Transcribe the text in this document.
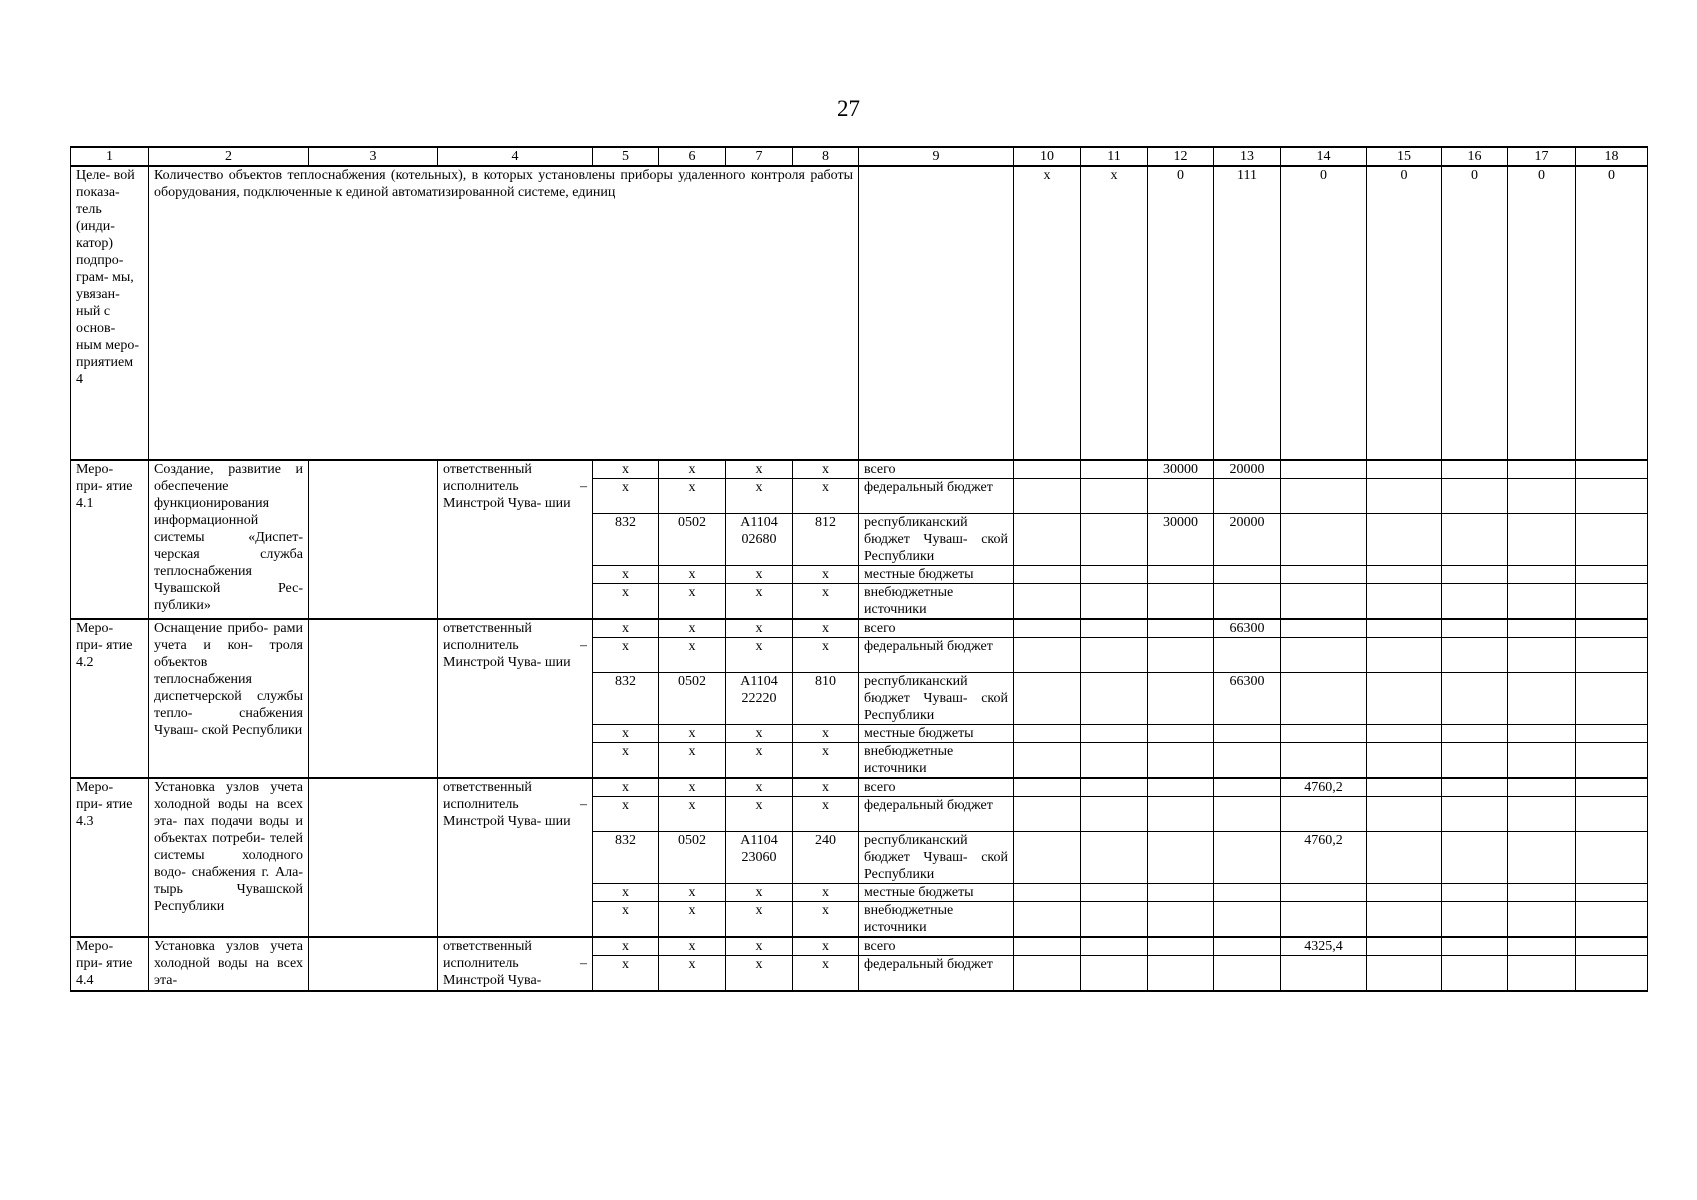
27
1	2	3	4	5	6	7	8	9	10	11	12	13	14	15	16	17	18
Целе- вой показа- тель (инди- катор) подпро- грам- мы, увязан- ный с основ- ным меро- приятием 4	Количество объектов теплоснабжения (котельных), в которых установлены приборы удаленного контроля работы оборудования, подключенные к единой автоматизированной системе, единиц								х	х	0	111	0	0	0	0	0
Меро- при- ятие 4.1	Создание, развитие и обеспечение функционирования информационной системы «Диспет- черская служба теплоснабжения Чувашской Рес- публики»		ответственный исполнитель – Минстрой Чува- шии	х	х	х	х	всего			30000	20000					
				х	х	х	х	федеральный бюджет									
				832	0502	А1104 02680	812	республиканский бюджет Чуваш- ской Республики			30000	20000					
				х	х	х	х	местные бюджеты									
				х	х	х	х	внебюджетные источники									
Меро- при- ятие 4.2	Оснащение прибо- рами учета и кон- троля объектов теплоснабжения диспетчерской службы тепло- снабжения Чуваш- ской Республики		ответственный исполнитель – Минстрой Чува- шии	х	х	х	х	всего				66300					
				х	х	х	х	федеральный бюджет									
				832	0502	А1104 22220	810	республиканский бюджет Чуваш- ской Республики				66300					
				х	х	х	х	местные бюджеты									
				х	х	х	х	внебюджетные источники									
Меро- при- ятие 4.3	Установка узлов учета холодной воды на всех эта- пах подачи воды и объектах потреби- телей системы холодного водо- снабжения г. Ала- тырь Чувашской Республики		ответственный исполнитель – Минстрой Чува- шии	х	х	х	х	всего					4760,2				
				х	х	х	х	федеральный бюджет									
				832	0502	А1104 23060	240	республиканский бюджет Чуваш- ской Республики					4760,2				
				х	х	х	х	местные бюджеты									
				х	х	х	х	внебюджетные источники									
Меро- при- ятие 4.4	Установка узлов учета холодной воды на всех эта-		ответственный исполнитель – Минстрой Чува-	х	х	х	х	всего					4325,4				
				х	х	х	х	федеральный бюджет									
